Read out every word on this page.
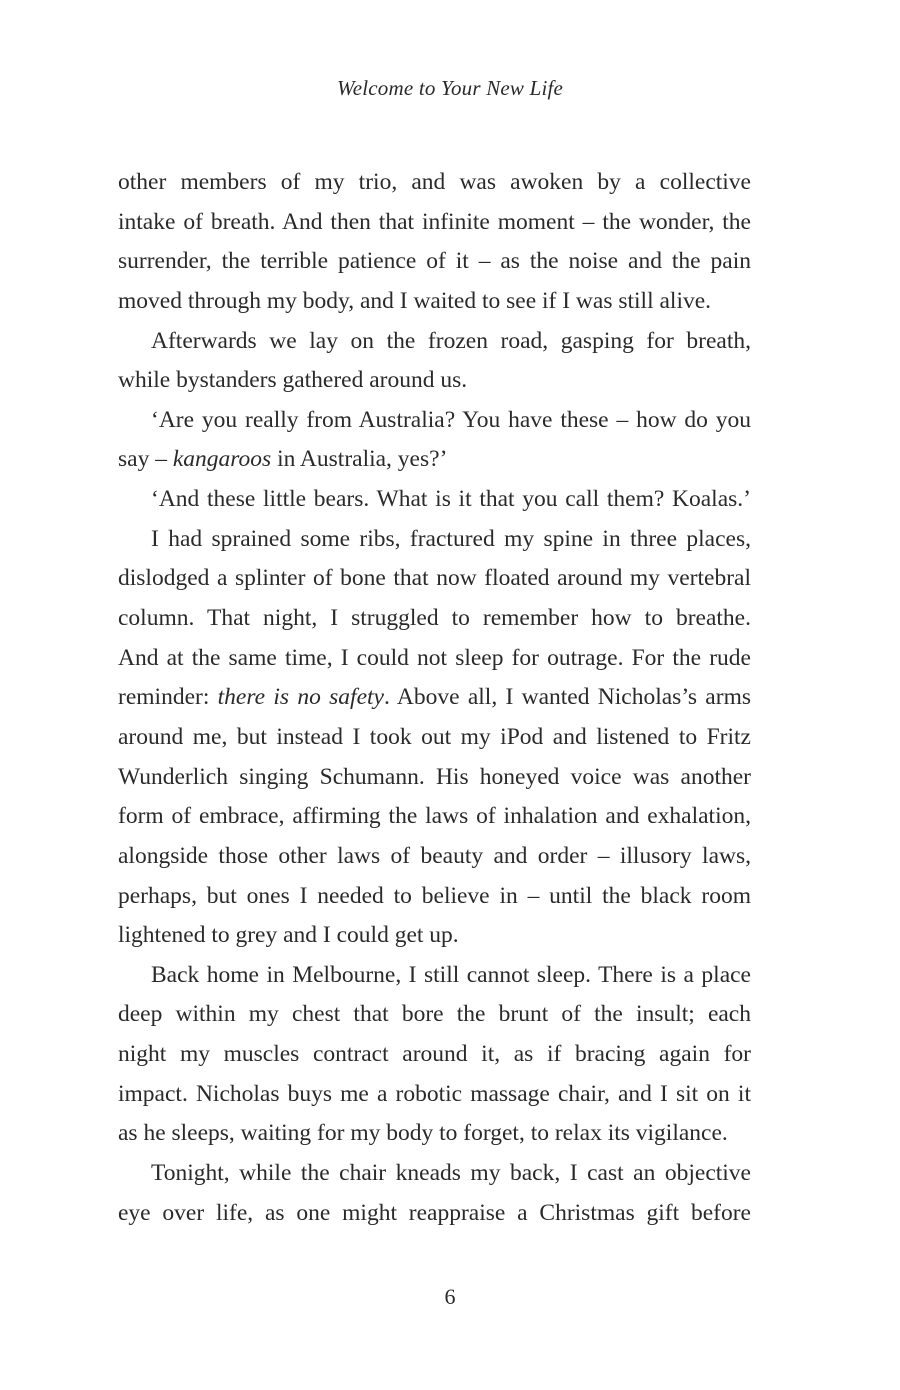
Welcome to Your New Life
other members of my trio, and was awoken by a collective
intake of breath. And then that infinite moment – the wonder, the
surrender, the terrible patience of it – as the noise and the pain
moved through my body, and I waited to see if I was still alive.
Afterwards we lay on the frozen road, gasping for breath,
while bystanders gathered around us.
‘Are you really from Australia? You have these – how do you
say – kangaroos in Australia, yes?’
‘And these little bears. What is it that you call them? Koalas.’
I had sprained some ribs, fractured my spine in three places,
dislodged a splinter of bone that now floated around my vertebral
column. That night, I struggled to remember how to breathe.
And at the same time, I could not sleep for outrage. For the rude
reminder: there is no safety. Above all, I wanted Nicholas’s arms
around me, but instead I took out my iPod and listened to Fritz
Wunderlich singing Schumann. His honeyed voice was another
form of embrace, affirming the laws of inhalation and exhalation,
alongside those other laws of beauty and order – illusory laws,
perhaps, but ones I needed to believe in – until the black room
lightened to grey and I could get up.
Back home in Melbourne, I still cannot sleep. There is a place
deep within my chest that bore the brunt of the insult; each
night my muscles contract around it, as if bracing again for
impact. Nicholas buys me a robotic massage chair, and I sit on it
as he sleeps, waiting for my body to forget, to relax its vigilance.
Tonight, while the chair kneads my back, I cast an objective
eye over life, as one might reappraise a Christmas gift before
6
